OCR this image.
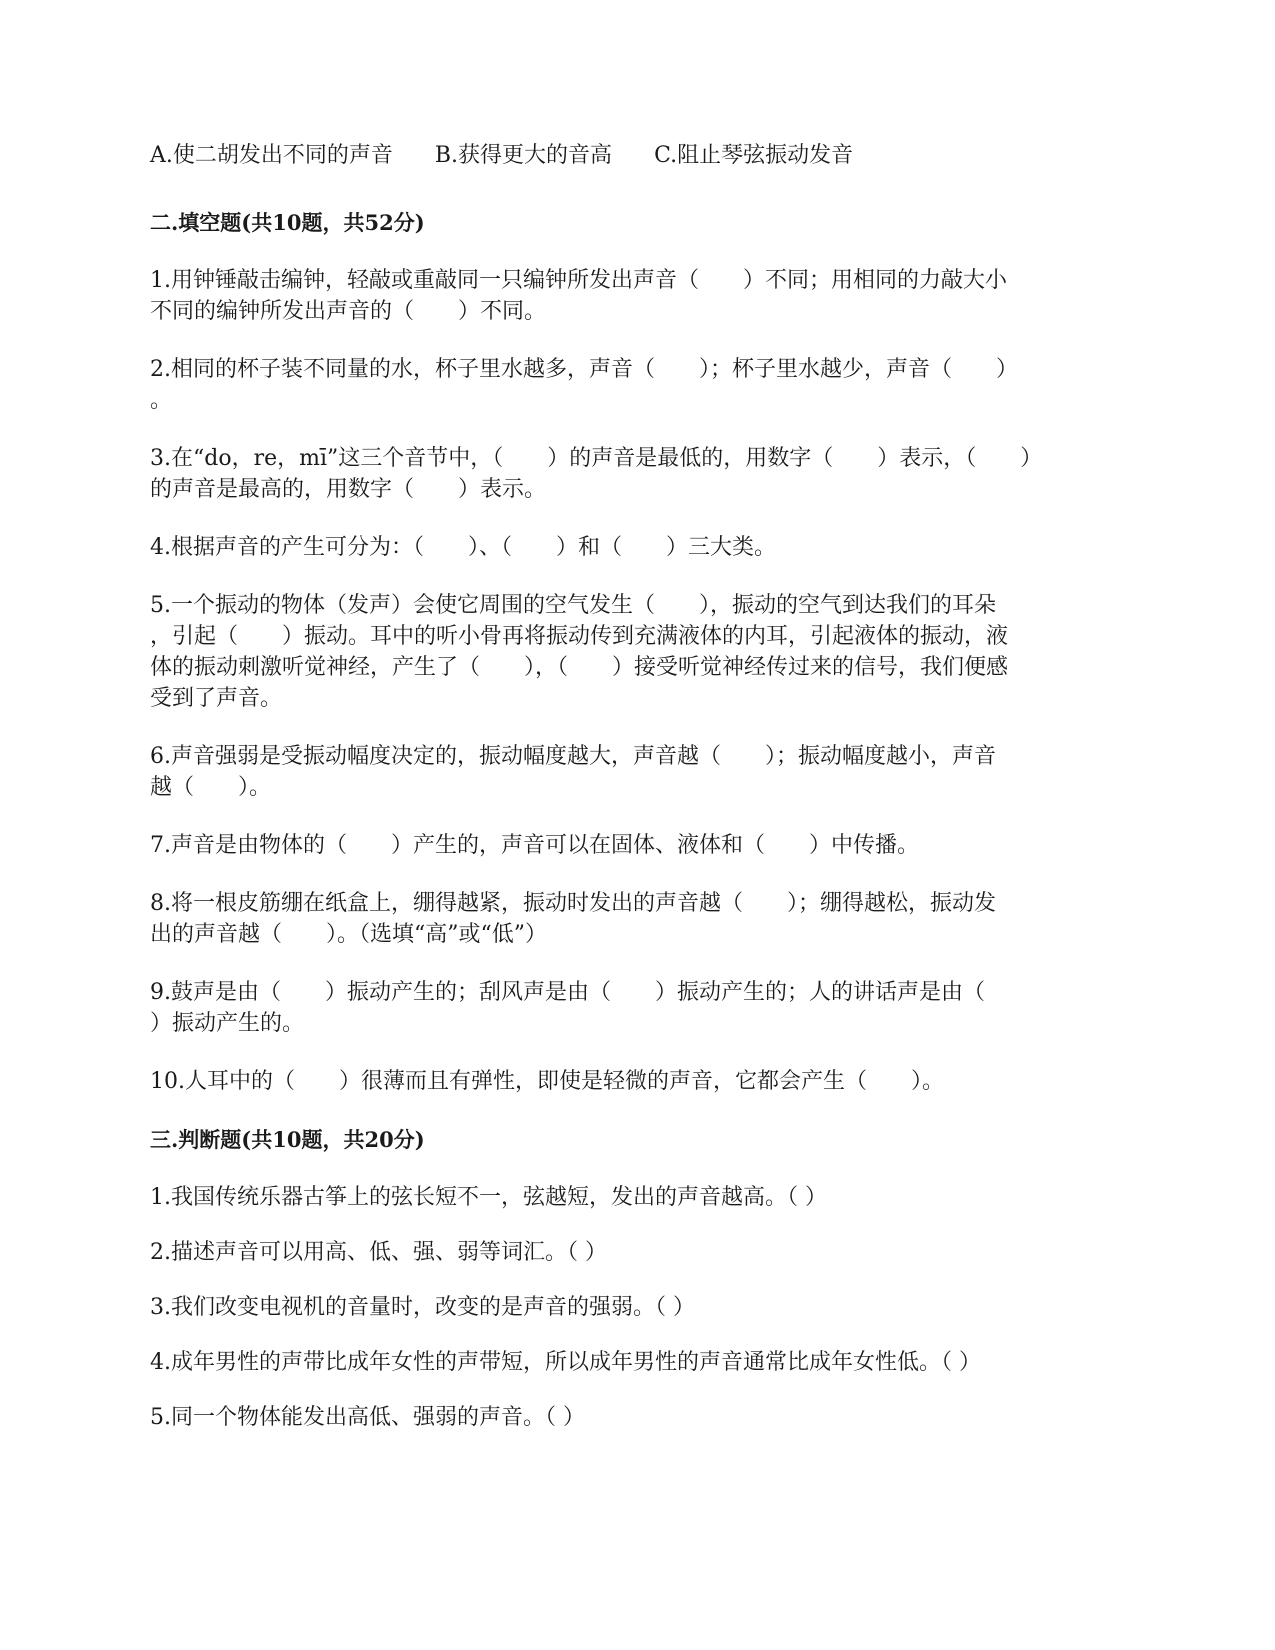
A.使二胡发出不同的声音 B.获得更大的音高 C.阻止琴弦振动发音
二.填空题(共10题，共52分)

1.用钟锤敲击编钟，轻敲或重敲同一只编钟所发出声音（　　）不同；用相同的力敲大小

不同的编钟所发出声音的（　　）不同。

2.相同的杯子装不同量的水，杯子里水越多，声音（　　）；杯子里水越少，声音（　　）

。

3.在“do，re，mī”这三个音节中，（　　）的声音是最低的，用数字（　　）表示，（　　）

的声音是最高的，用数字（　　）表示。

4.根据声音的产生可分为：（　　）、（　　）和（　　）三大类。

5.一个振动的物体（发声）会使它周围的空气发生（　　），振动的空气到达我们的耳朵

，引起（　　）振动。耳中的听小骨再将振动传到充满液体的内耳，引起液体的振动，液

体的振动刺激听觉神经，产生了（　　），（　　）接受听觉神经传过来的信号，我们便感

受到了声音。

6.声音强弱是受振动幅度决定的，振动幅度越大，声音越（　　）；振动幅度越小，声音

越（　　）。

7.声音是由物体的（　　）产生的，声音可以在固体、液体和（　　）中传播。

8.将一根皮筋绷在纸盒上，绷得越紧，振动时发出的声音越（　　）；绷得越松，振动发

出的声音越（　　）。（选填“高”或“低”）

9.鼓声是由（　　）振动产生的；刮风声是由（　　）振动产生的；人的讲话声是由（

）振动产生的。

10.人耳中的（　　）很薄而且有弹性，即使是轻微的声音，它都会产生（　　）。

三.判断题(共10题，共20分)

1.我国传统乐器古筝上的弦长短不一，弦越短，发出的声音越高。（ ）

2.描述声音可以用高、低、强、弱等词汇。（ ）

3.我们改变电视机的音量时，改变的是声音的强弱。（ ）

4.成年男性的声带比成年女性的声带短，所以成年男性的声音通常比成年女性低。（ ）

5.同一个物体能发出高低、强弱的声音。（ ）
